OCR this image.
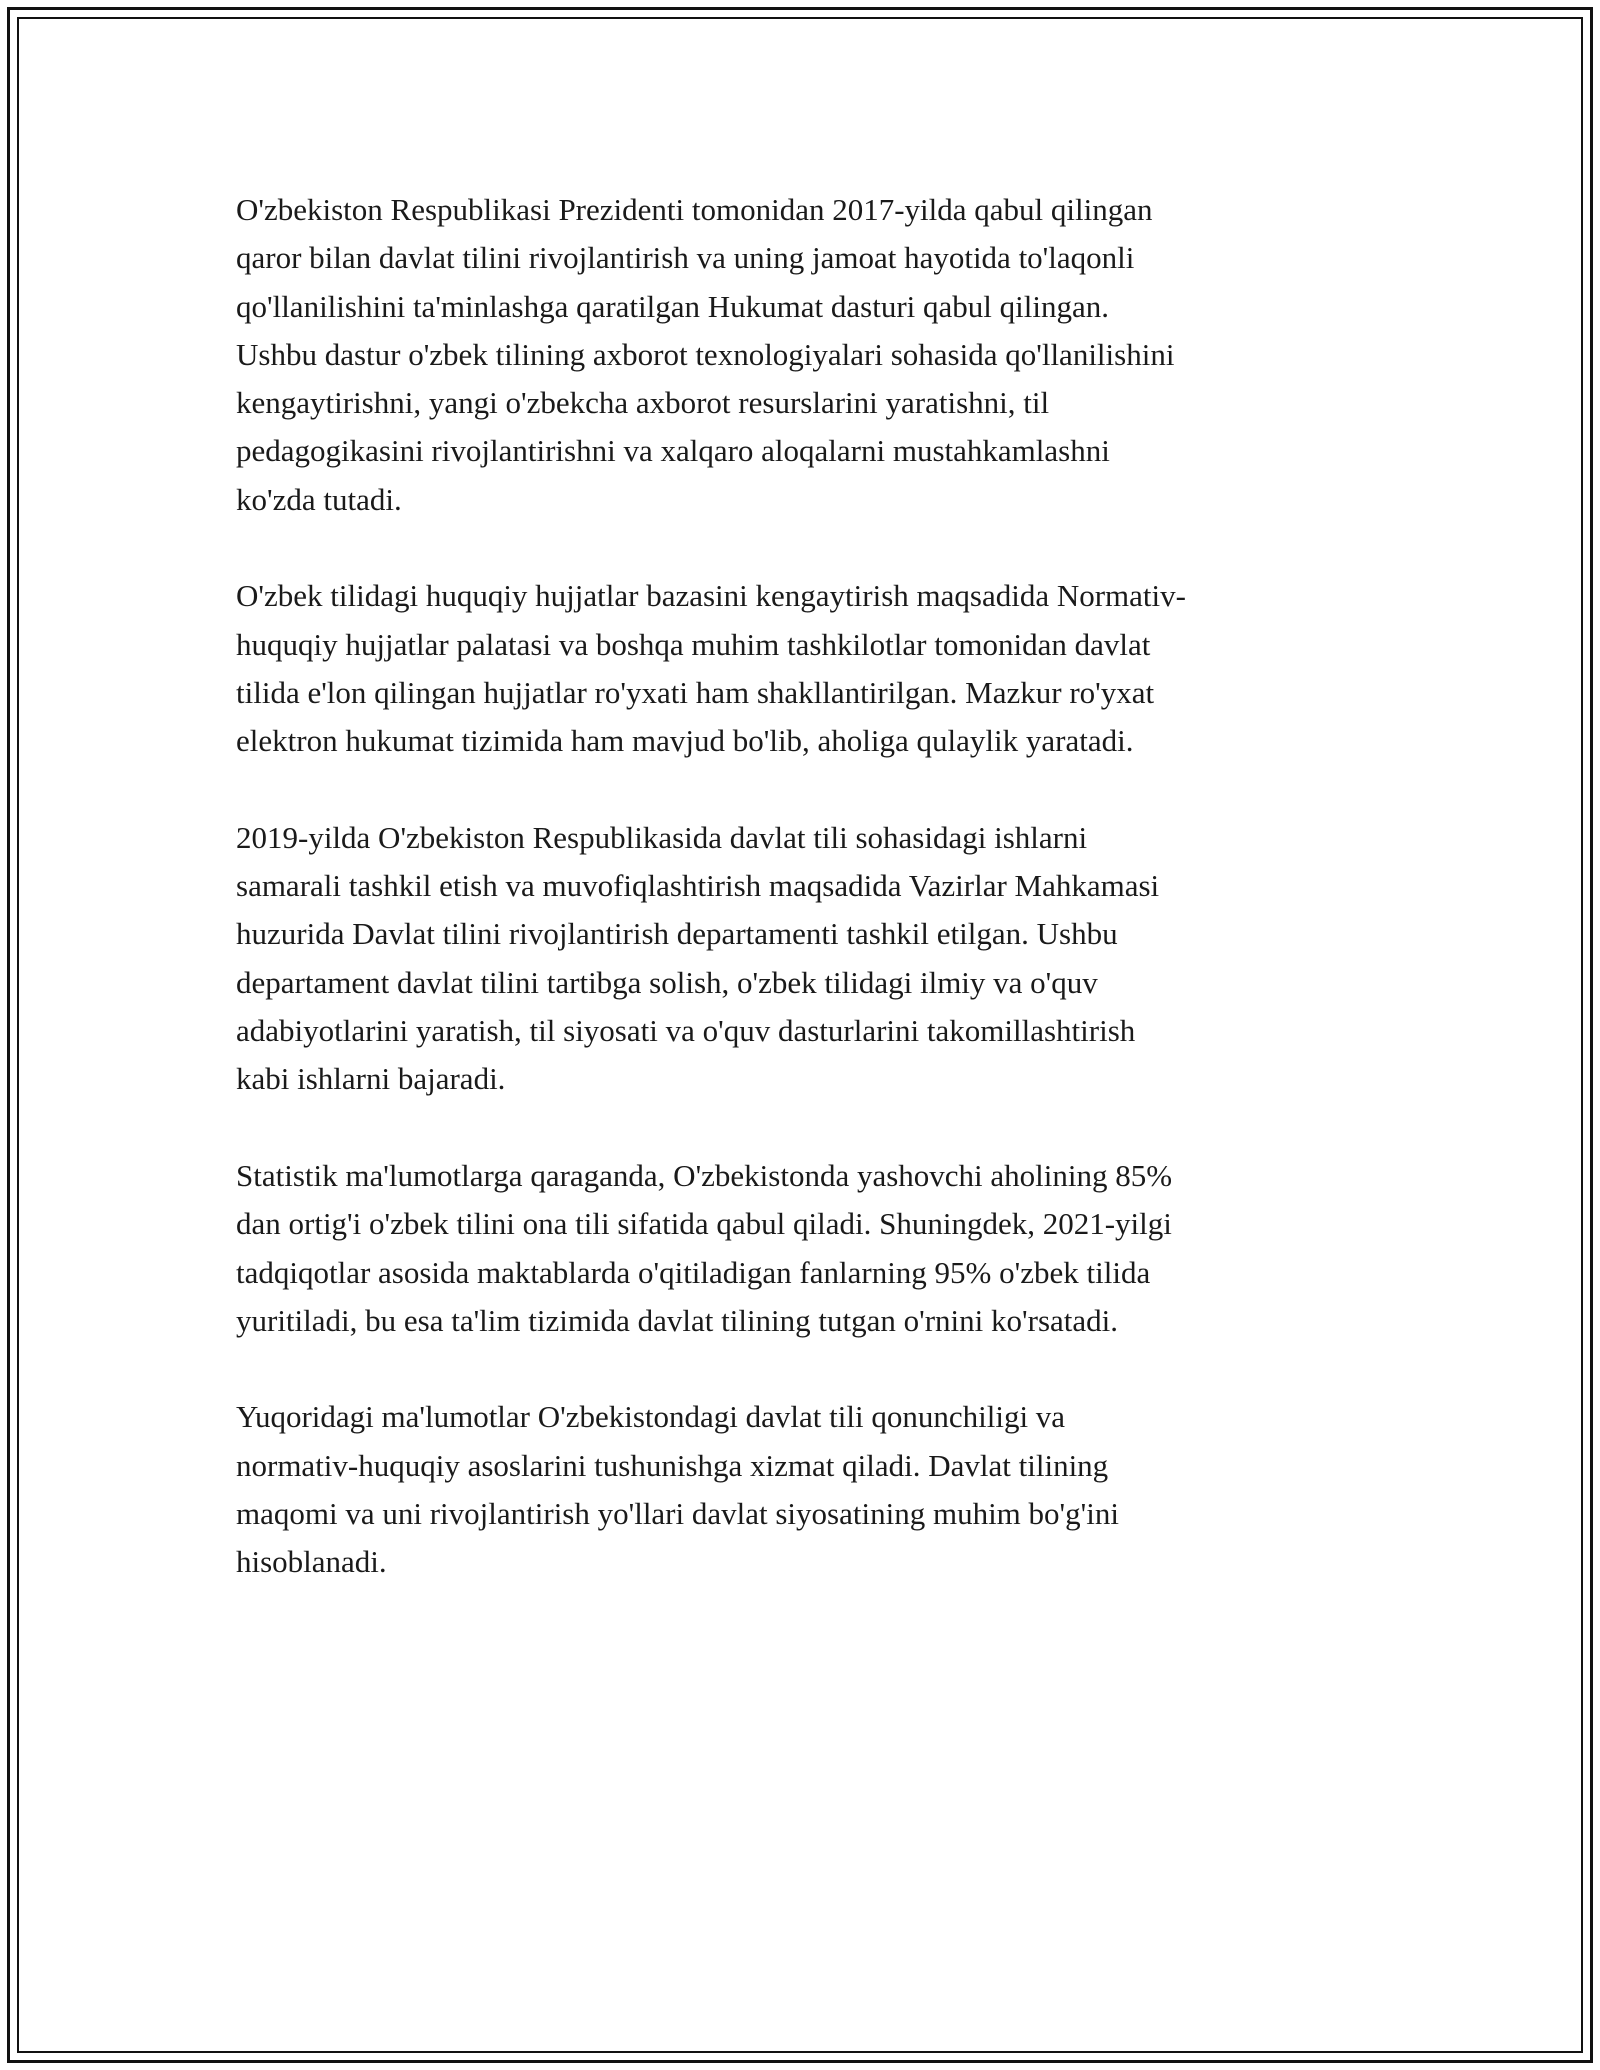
O'zbekiston Respublikasi Prezidenti tomonidan 2017-yilda qabul qilingan
qaror bilan davlat tilini rivojlantirish va uning jamoat hayotida to'laqonli
qo'llanilishini ta'minlashga qaratilgan Hukumat dasturi qabul qilingan.
Ushbu dastur o'zbek tilining axborot texnologiyalari sohasida qo'llanilishini
kengaytirishni, yangi o'zbekcha axborot resurslarini yaratishni, til
pedagogikasini rivojlantirishni va xalqaro aloqalarni mustahkamlashni
ko'zda tutadi.

O'zbek tilidagi huquqiy hujjatlar bazasini kengaytirish maqsadida Normativ-
huquqiy hujjatlar palatasi va boshqa muhim tashkilotlar tomonidan davlat
tilida e'lon qilingan hujjatlar ro'yxati ham shakllantirilgan. Mazkur ro'yxat
elektron hukumat tizimida ham mavjud bo'lib, aholiga qulaylik yaratadi.

2019-yilda O'zbekiston Respublikasida davlat tili sohasidagi ishlarni
samarali tashkil etish va muvofiqlashtirish maqsadida Vazirlar Mahkamasi
huzurida Davlat tilini rivojlantirish departamenti tashkil etilgan. Ushbu
departament davlat tilini tartibga solish, o'zbek tilidagi ilmiy va o'quv
adabiyotlarini yaratish, til siyosati va o'quv dasturlarini takomillashtirish
kabi ishlarni bajaradi.

Statistik ma'lumotlarga qaraganda, O'zbekistonda yashovchi aholining 85%
dan ortig'i o'zbek tilini ona tili sifatida qabul qiladi. Shuningdek, 2021-yilgi
tadqiqotlar asosida maktablarda o'qitiladigan fanlarning 95% o'zbek tilida
yuritiladi, bu esa ta'lim tizimida davlat tilining tutgan o'rnini ko'rsatadi.

Yuqoridagi ma'lumotlar O'zbekistondagi davlat tili qonunchiligi va
normativ-huquqiy asoslarini tushunishga xizmat qiladi. Davlat tilining
maqomi va uni rivojlantirish yo'llari davlat siyosatining muhim bo'g'ini
hisoblanadi.
